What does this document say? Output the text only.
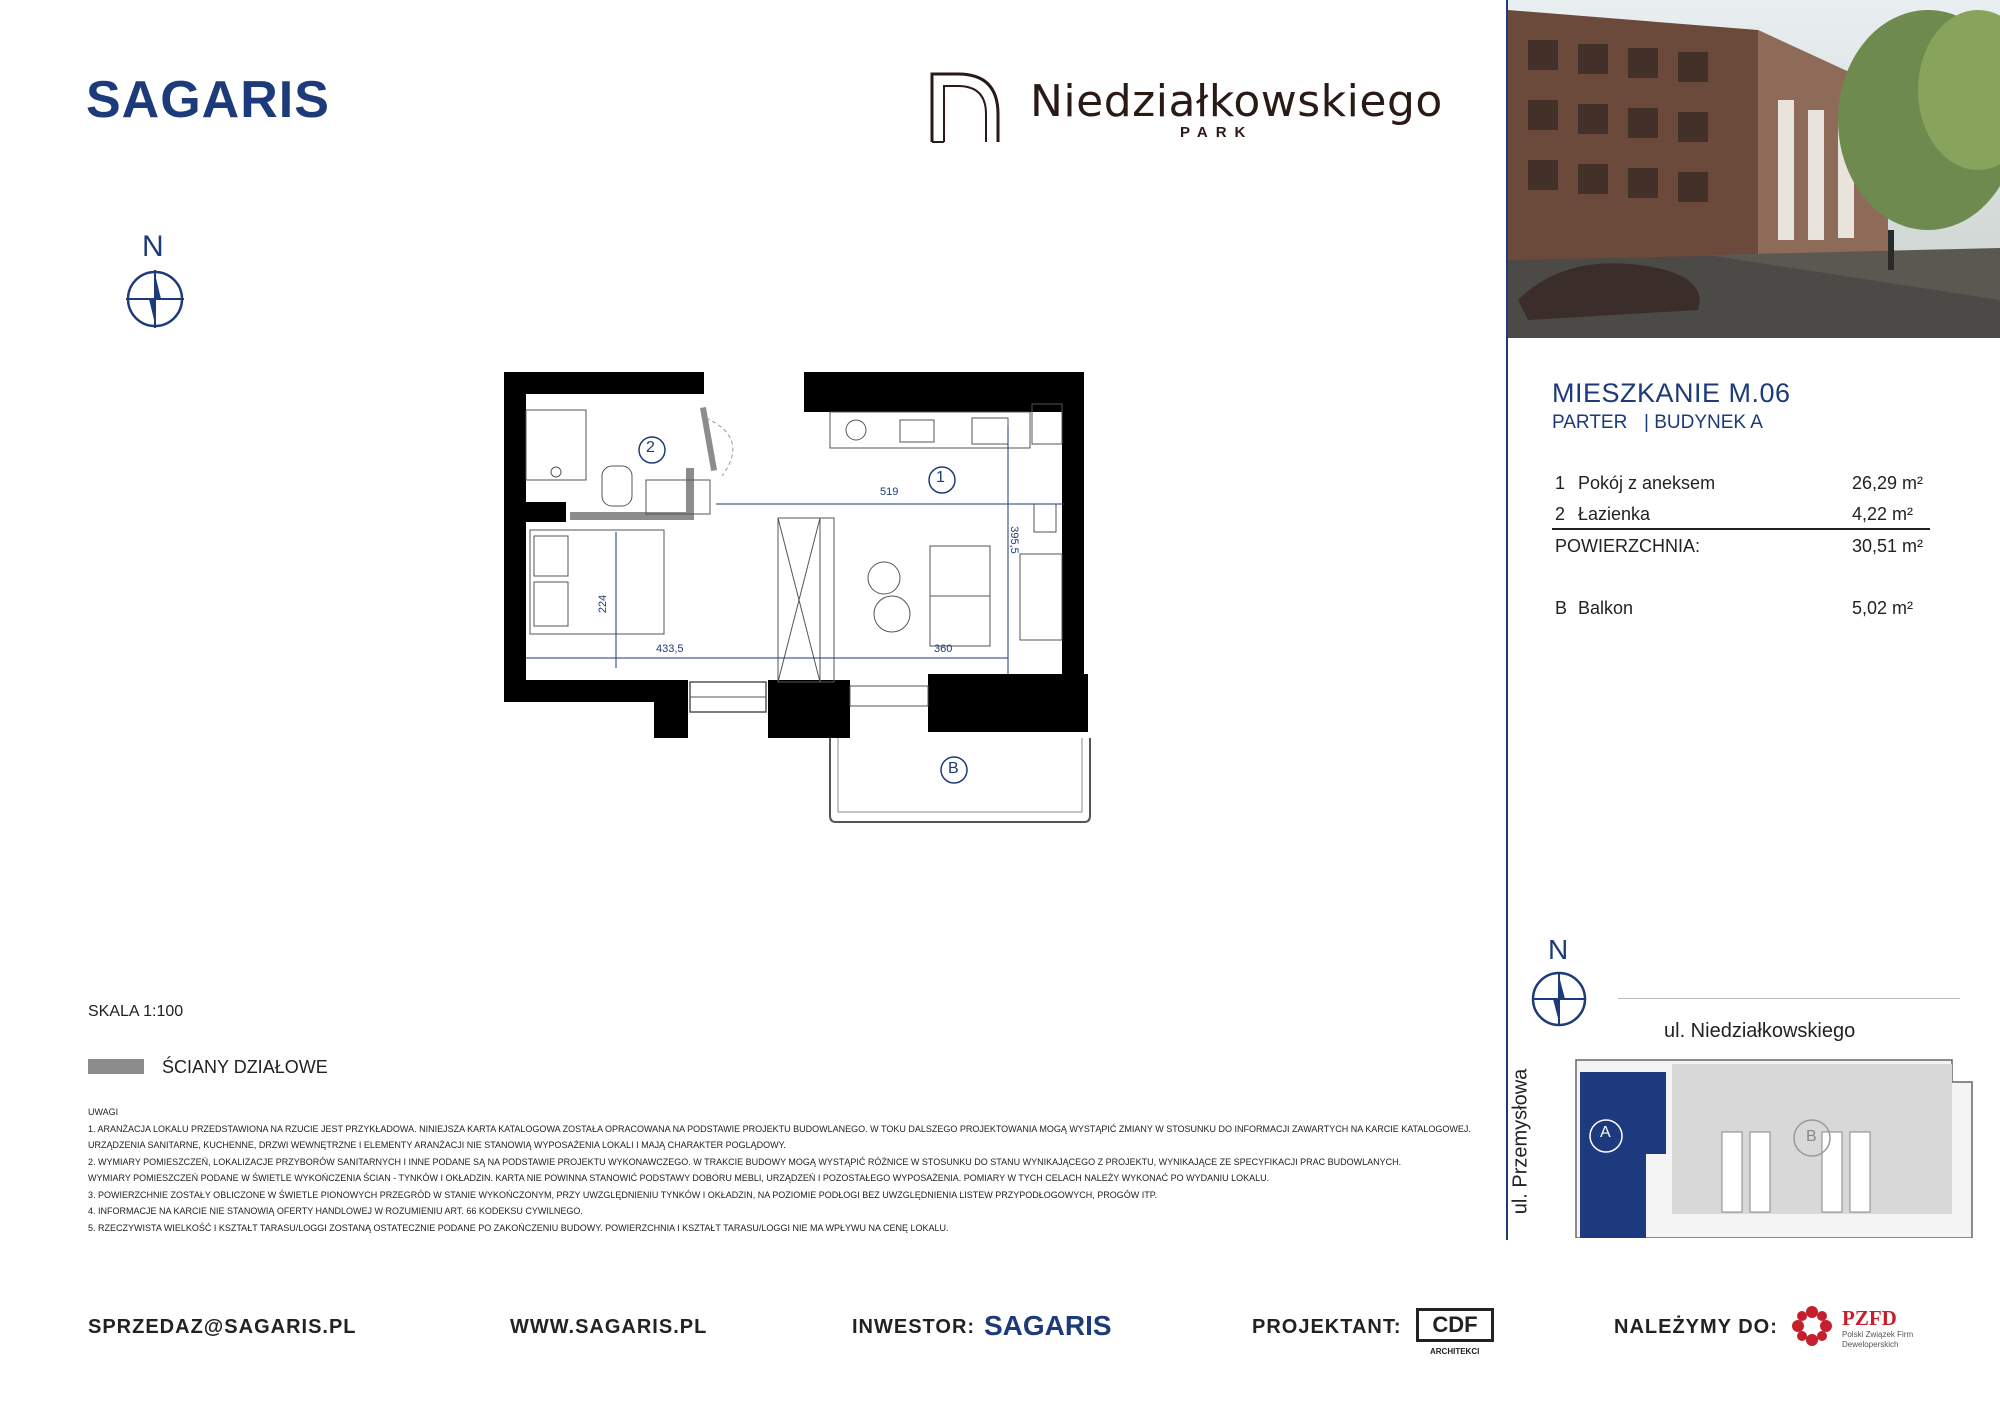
SAGARIS	Niedziałkowskiego
PARK
N
2
1
B
519
395,5
224
433,5	360
MIESZKANIE M.06
PARTER | BUDYNEK A
1 Pokój z aneksem	26,29 m²
2 Łazienka	4,22 m²
POWIERZCHNIA:	30,51 m²
B Balkon	5,02 m²
N
ul. Niedziałkowskiego
ul. Przemysłowa	A	B
SKALA 1:100
ŚCIANY DZIAŁOWE
UWAGI
1. ARANŻACJA LOKALU PRZEDSTAWIONA NA RZUCIE JEST PRZYKŁADOWA. NINIEJSZA KARTA KATALOGOWA ZOSTAŁA OPRACOWANA NA PODSTAWIE PROJEKTU BUDOWLANEGO. W TOKU DALSZEGO PROJEKTOWANIA MOGĄ WYSTĄPIĆ ZMIANY W STOSUNKU DO INFORMACJI ZAWARTYCH NA KARCIE KATALOGOWEJ.
URZĄDZENIA SANITARNE, KUCHENNE, DRZWI WEWNĘTRZNE I ELEMENTY ARANŻACJI NIE STANOWIĄ WYPOSAŻENIA LOKALI I MAJĄ CHARAKTER POGLĄDOWY.
2. WYMIARY POMIESZCZEŃ, LOKALIZACJE PRZYBORÓW SANITARNYCH I INNE PODANE SĄ NA PODSTAWIE PROJEKTU WYKONAWCZEGO. W TRAKCIE BUDOWY MOGĄ WYSTĄPIĆ RÓŻNICE W STOSUNKU DO STANU WYNIKAJĄCEGO Z PROJEKTU, WYNIKAJĄCE ZE SPECYFIKACJI PRAC BUDOWLANYCH.
WYMIARY POMIESZCZEŃ PODANE W ŚWIETLE WYKOŃCZENIA ŚCIAN - TYNKÓW I OKŁADZIN. KARTA NIE POWINNA STANOWIĆ PODSTAWY DOBORU MEBLI, URZĄDZEŃ I POZOSTAŁEGO WYPOSAŻENIA. POMIARY W TYCH CELACH NALEŻY WYKONAĆ PO WYDANIU LOKALU.
3. POWIERZCHNIE ZOSTAŁY OBLICZONE W ŚWIETLE PIONOWYCH PRZEGRÓD W STANIE WYKOŃCZONYM, PRZY UWZGLĘDNIENIU TYNKÓW I OKŁADZIN, NA POZIOMIE PODŁOGI BEZ UWZGLĘDNIENIA LISTEW PRZYPODŁOGOWYCH, PROGÓW ITP.
4. INFORMACJE NA KARCIE NIE STANOWIĄ OFERTY HANDLOWEJ W ROZUMIENIU ART. 66 KODEKSU CYWILNEGO.
5. RZECZYWISTA WIELKOŚĆ I KSZTAŁT TARASU/LOGGI ZOSTANĄ OSTATECZNIE PODANE PO ZAKOŃCZENIU BUDOWY. POWIERZCHNIA I KSZTAŁT TARASU/LOGGI NIE MA WPŁYWU NA CENĘ LOKALU.
SPRZEDAZ@SAGARIS.PL	WWW.SAGARIS.PL	INWESTOR: SAGARIS	PROJEKTANT:	CDF
ARCHITEKCI
NALEŻYMY DO:	PZFD
Polski Związek Firm Deweloperskich
